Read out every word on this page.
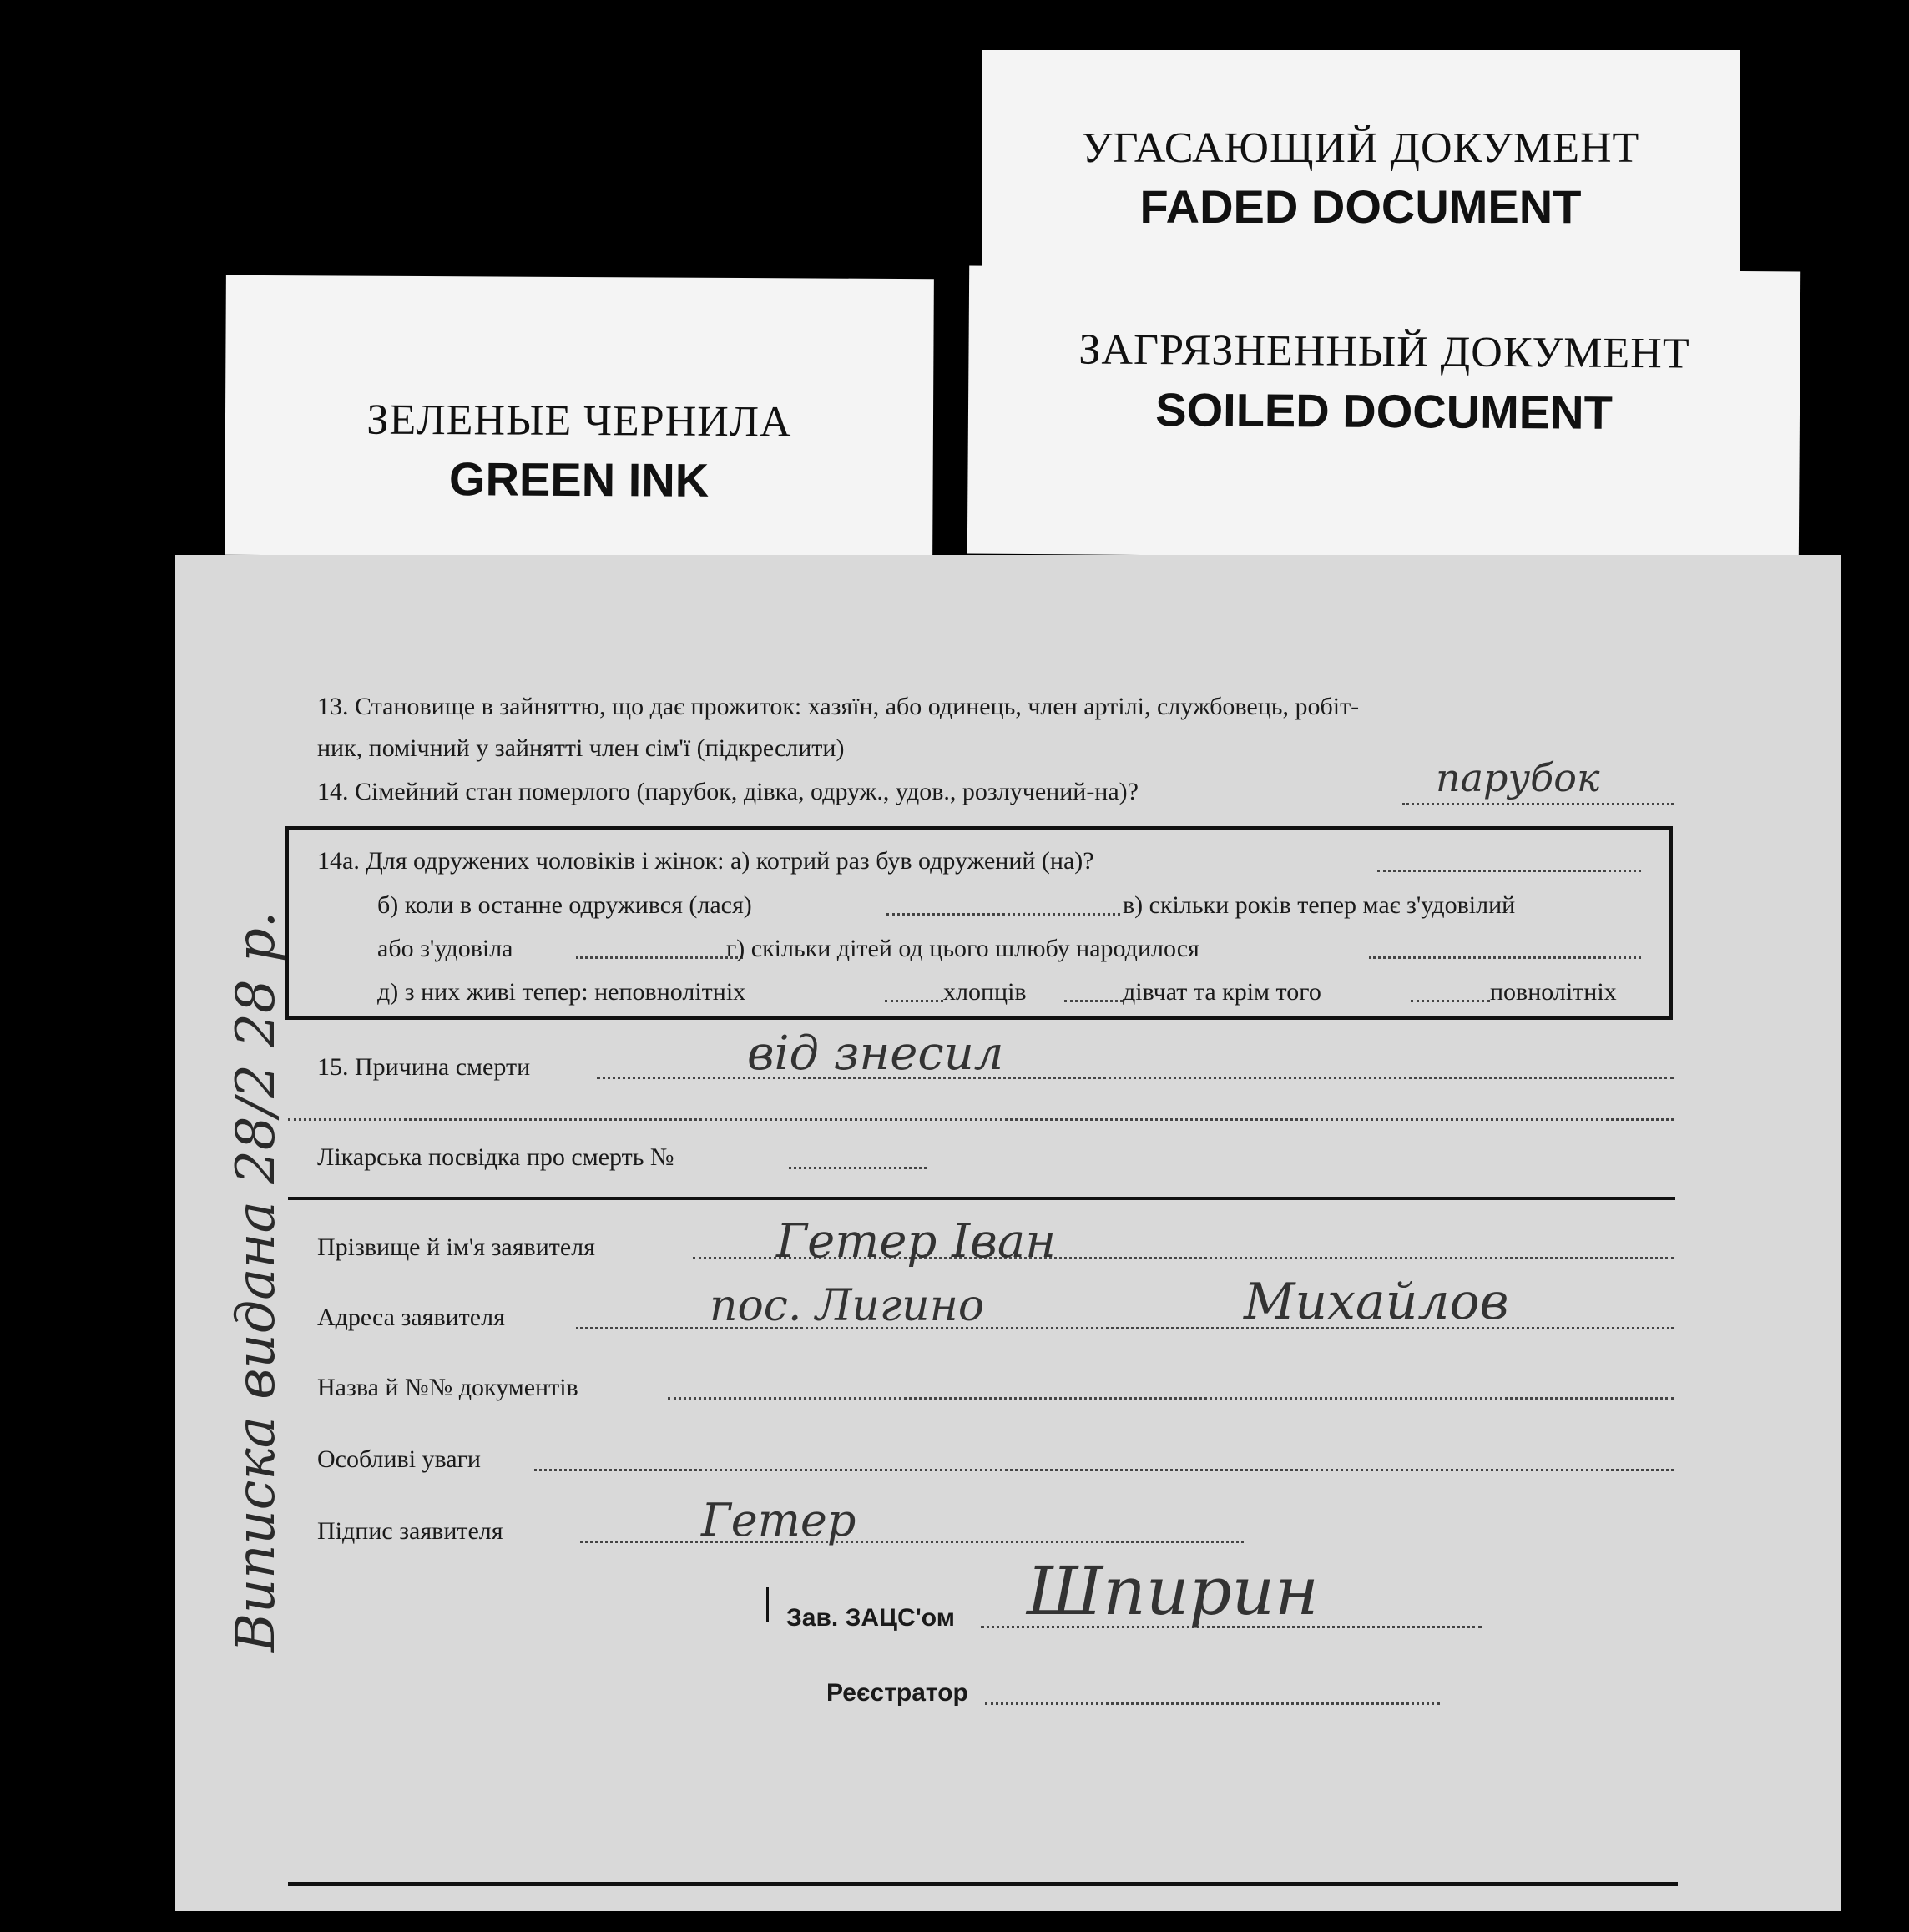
УГАСАЮЩИЙ ДОКУМЕНТ
FADED DOCUMENT
ЗАГРЯЗНЕННЫЙ ДОКУМЕНТ
SOILED DOCUMENT
ЗЕЛЕНЫЕ ЧЕРНИЛА
GREEN INK
13. Становище в зайняттю, що дає прожиток: хазяїн, або одинець, член артілі, службовець, робіт-
ник, помічний у зайнятті член сім'ї (підкреслити)
14. Сімейний стан померлого (парубок, дівка, одруж., удов., розлучений-на)?	парубок
14а. Для одружених чоловіків і жінок: а) котрий раз був одружений (на)?
б) коли в останне одружився (лася)	в) скільки років тепер має з'удовілий
або з'удовіла	г) скільки дітей од цього шлюбу народилося
д) з них живі тепер: неповнолітніх	хлопців	дівчат та крім того	повнолітніх
15. Причина смерти	від знесил
Лікарська посвідка про смерть №
Прізвище й ім'я заявителя	Гетер Іван
Адреса заявителя	пос. Лигино	Михайлов
Назва й №№ документів
Особливі уваги
Підпис заявителя	Гетер
Зав. ЗАЦС'ом Шпирин
Реєстратор
Виписка видана 28/2 28 р.
